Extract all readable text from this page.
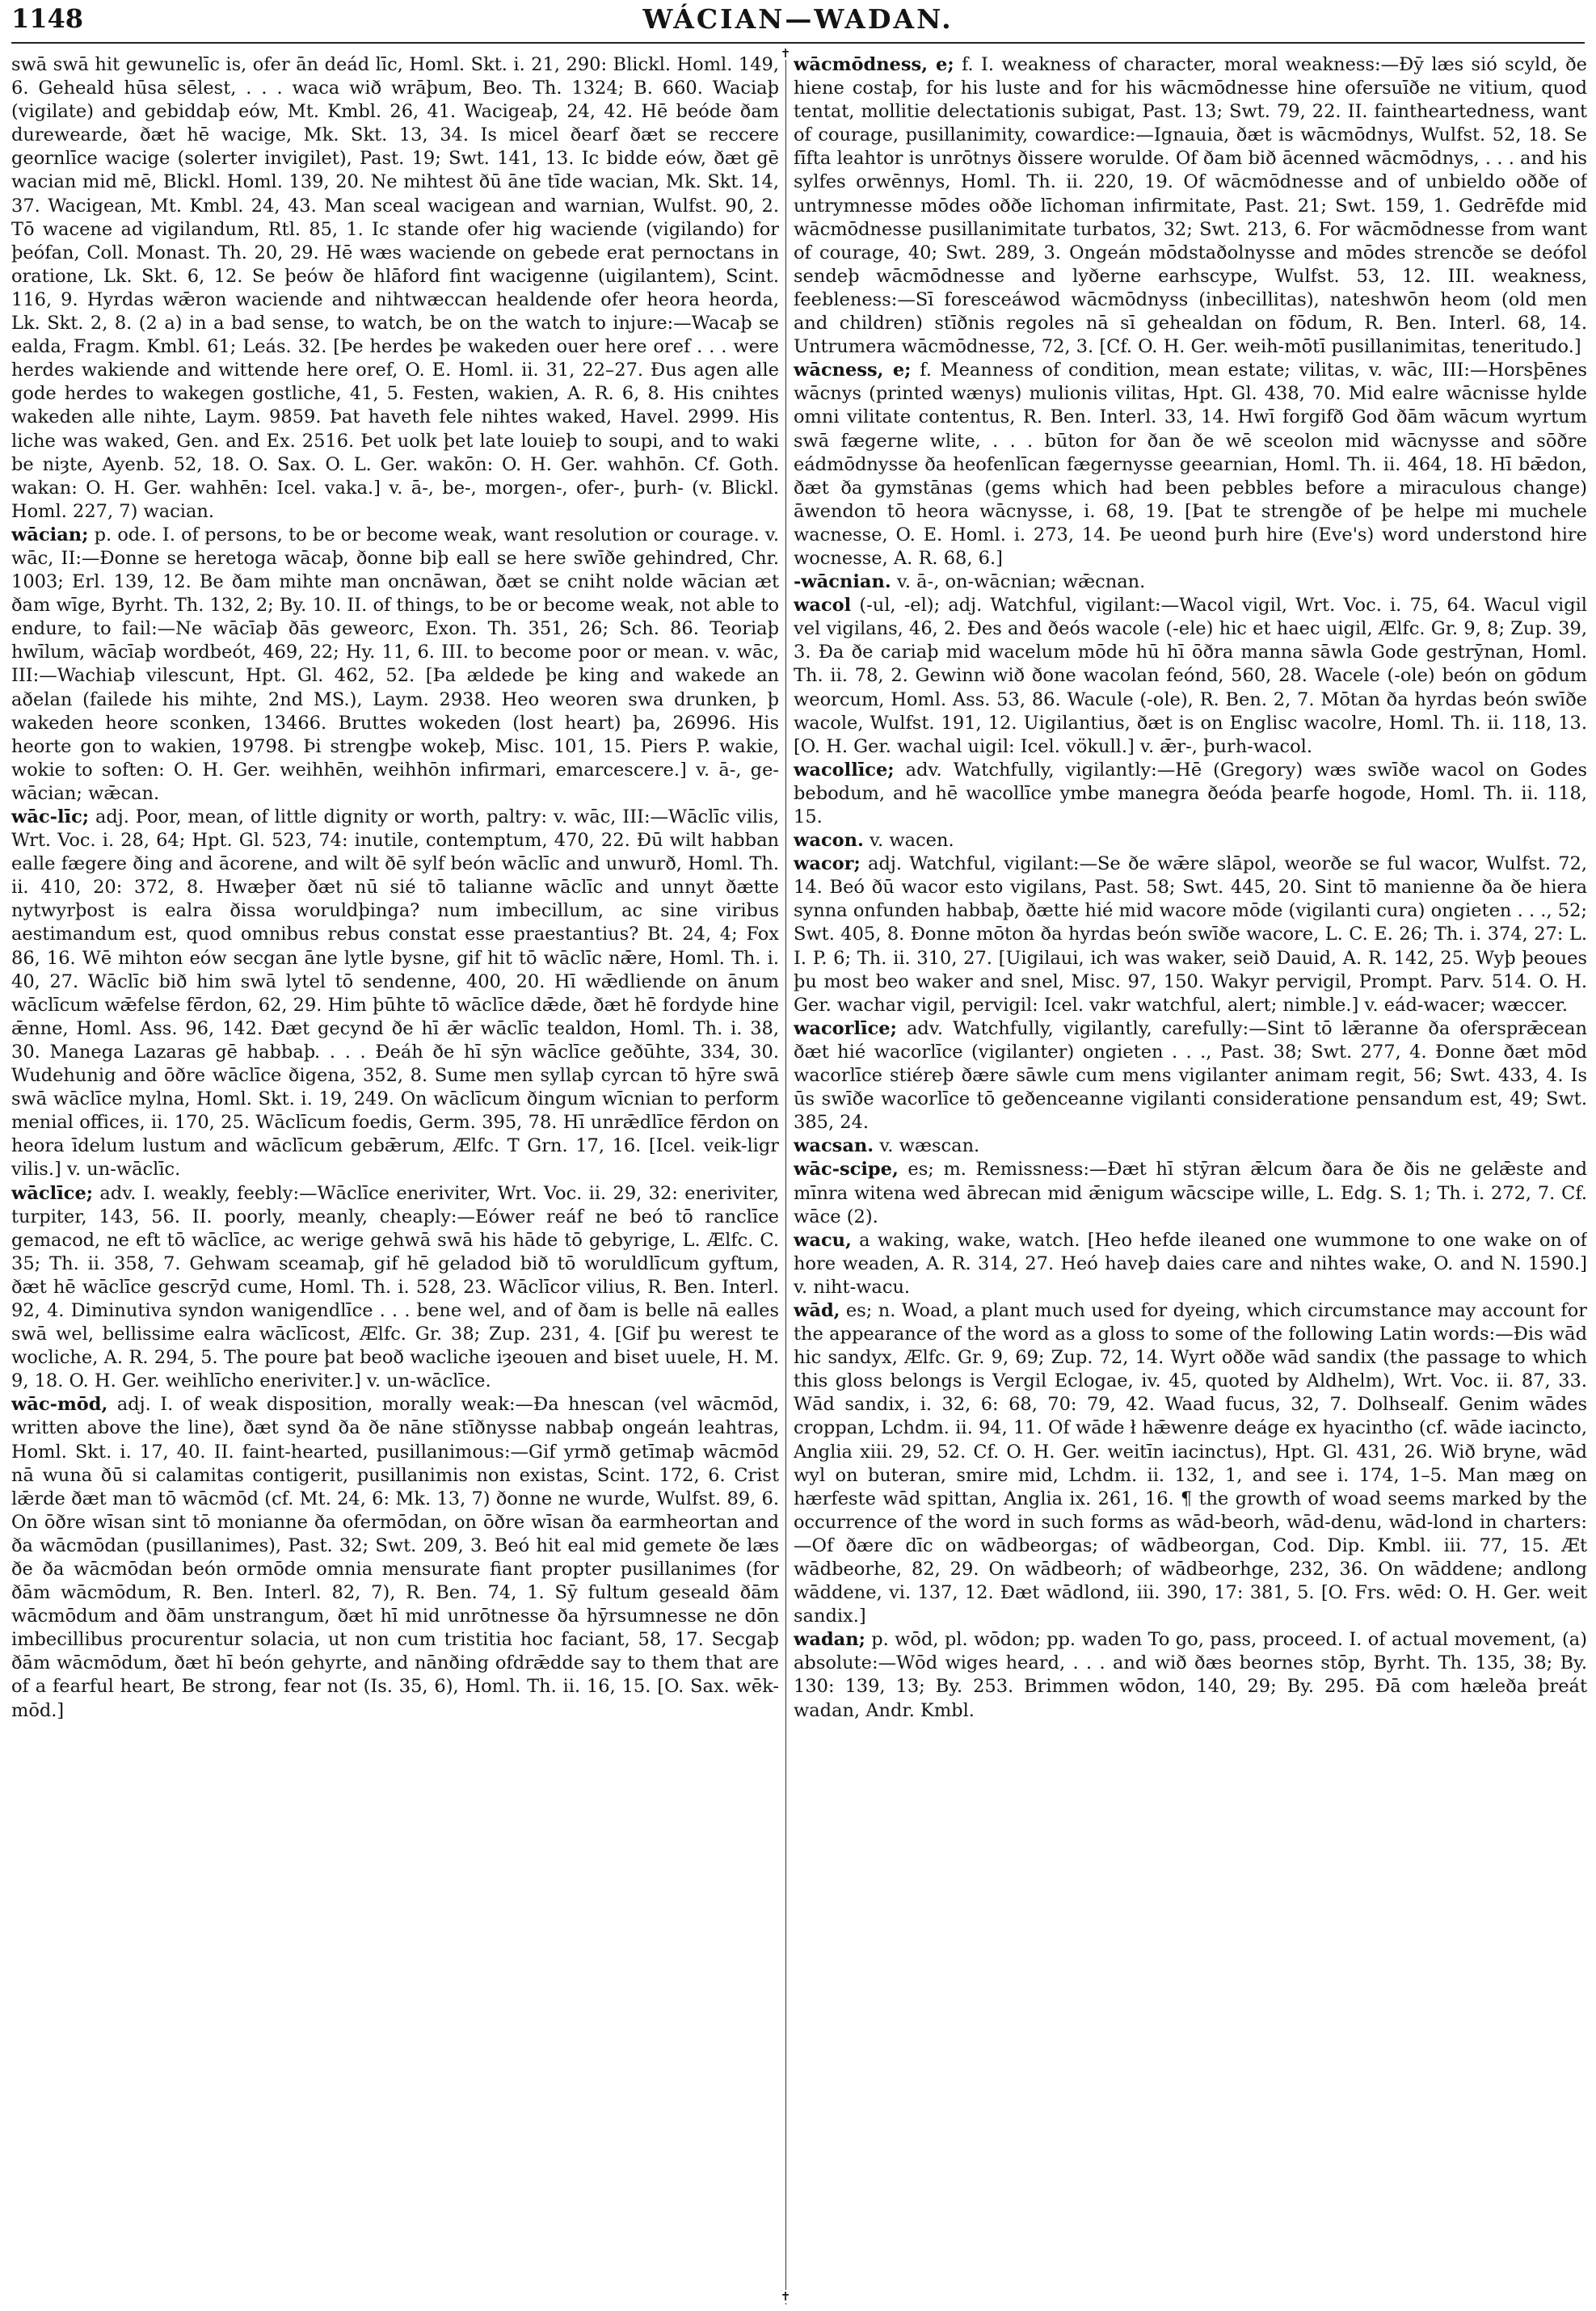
1148	WÁCIAN—WADAN.
✝
✝

swā swā hit gewunelīc is, ofer ān deád līc, Homl. Skt. i. 21, 290: Blickl. Homl. 149, 6. Geheald hūsa sēlest, . . . waca wið wrāþum, Beo. Th. 1324; B. 660. Waciaþ (vigilate) and gebiddaþ eów, Mt. Kmbl. 26, 41. Wacigeaþ, 24, 42. Hē beóde ðam durewearde, ðæt hē wacige, Mk. Skt. 13, 34. Is micel ðearf ðæt se reccere geornlīce wacige (solerter invigilet), Past. 19; Swt. 141, 13. Ic bidde eów, ðæt gē wacian mid mē, Blickl. Homl. 139, 20. Ne mihtest ðū āne tīde wacian, Mk. Skt. 14, 37. Wacigean, Mt. Kmbl. 24, 43. Man sceal wacigean and warnian, Wulfst. 90, 2. Tō wacene ad vigilandum, Rtl. 85, 1. Ic stande ofer hig waciende (vigilando) for þeófan, Coll. Monast. Th. 20, 29. Hē wæs waciende on gebede erat pernoctans in oratione, Lk. Skt. 6, 12. Se þeów ðe hlāford fint wacigenne (uigilantem), Scint. 116, 9. Hyrdas wǣron waciende and nihtwæccan healdende ofer heora heorda, Lk. Skt. 2, 8. (2 a) in a bad sense, to watch, be on the watch to injure:—Wacaþ se ealda, Fragm. Kmbl. 61; Leás. 32. [Þe herdes þe wakeden ouer here oref . . . were herdes wakiende and wittende here oref, O. E. Homl. ii. 31, 22–27. Ðus agen alle gode herdes to wakegen gostliche, 41, 5. Festen, wakien, A. R. 6, 8. His cnihtes wakeden alle nihte, Laym. 9859. Þat haveth fele nihtes waked, Havel. 2999. His liche was waked, Gen. and Ex. 2516. Þet uolk þet late louieþ to soupi, and to waki be niȝte, Ayenb. 52, 18. O. Sax. O. L. Ger. wakōn: O. H. Ger. wahhōn. Cf. Goth. wakan: O. H. Ger. wahhēn: Icel. vaka.] v. ā-, be-, morgen-, ofer-, þurh- (v. Blickl. Homl. 227, 7) wacian.

wācian; p. ode. I. of persons, to be or become weak, want resolution or courage. v. wāc, II:—Ðonne se heretoga wācaþ, ðonne biþ eall se here swīðe gehindred, Chr. 1003; Erl. 139, 12. Be ðam mihte man oncnāwan, ðæt se cniht nolde wācian æt ðam wīge, Byrht. Th. 132, 2; By. 10. II. of things, to be or become weak, not able to endure, to fail:—Ne wācīaþ ðās geweorc, Exon. Th. 351, 26; Sch. 86. Teoriaþ hwīlum, wācīaþ wordbeót, 469, 22; Hy. 11, 6. III. to become poor or mean. v. wāc, III:—Wachiaþ vilescunt, Hpt. Gl. 462, 52. [Þa ældede þe king and wakede an aðelan (failede his mihte, 2nd MS.), Laym. 2938. Heo weoren swa drunken, þ wakeden heore sconken, 13466. Bruttes wokeden (lost heart) þa, 26996. His heorte gon to wakien, 19798. Þi strengþe wokeþ, Misc. 101, 15. Piers P. wakie, wokie to soften: O. H. Ger. weihhēn, weihhōn infirmari, emarcescere.] v. ā-, ge-wācian; wǣcan.

wāc-līc; adj. Poor, mean, of little dignity or worth, paltry: v. wāc, III:—Wāclīc vilis, Wrt. Voc. i. 28, 64; Hpt. Gl. 523, 74: inutile, contemptum, 470, 22. Ðū wilt habban ealle fægere ðing and ācorene, and wilt ðē sylf beón wāclīc and unwurð, Homl. Th. ii. 410, 20: 372, 8. Hwæþer ðæt nū sié tō talianne wāclīc and unnyt ðætte nytwyrþost is ealra ðissa woruldþinga? num imbecillum, ac sine viribus aestimandum est, quod omnibus rebus constat esse praestantius? Bt. 24, 4; Fox 86, 16. Wē mihton eów secgan āne lytle bysne, gif hit tō wāclīc nǣre, Homl. Th. i. 40, 27. Wāclīc bið him swā lytel tō sendenne, 400, 20. Hī wǣdliende on ānum wāclīcum wǣfelse fērdon, 62, 29. Him þūhte tō wāclīce dǣde, ðæt hē fordyde hine ǣnne, Homl. Ass. 96, 142. Ðæt gecynd ðe hī ǣr wāclīc tealdon, Homl. Th. i. 38, 30. Manega Lazaras gē habbaþ. . . . Ðeáh ðe hī sȳn wāclīce geðūhte, 334, 30. Wudehunig and ōðre wāclīce ðigena, 352, 8. Sume men syllaþ cyrcan tō hȳre swā swā wāclīce mylna, Homl. Skt. i. 19, 249. On wāclīcum ðingum wīcnian to perform menial offices, ii. 170, 25. Wāclīcum foedis, Germ. 395, 78. Hī unrǣdlīce fērdon on heora īdelum lustum and wāclīcum gebǣrum, Ælfc. T Grn. 17, 16. [Icel. veik-ligr vilis.] v. un-wāclīc.

wāclīce; adv. I. weakly, feebly:—Wāclīce eneriviter, Wrt. Voc. ii. 29, 32: eneriviter, turpiter, 143, 56. II. poorly, meanly, cheaply:—Eówer reáf ne beó tō ranclīce gemacod, ne eft tō wāclīce, ac werige gehwā swā his hāde tō gebyrige, L. Ælfc. C. 35; Th. ii. 358, 7. Gehwam sceamaþ, gif hē geladod bið tō woruldlīcum gyftum, ðæt hē wāclīce gescrȳd cume, Homl. Th. i. 528, 23. Wāclīcor vilius, R. Ben. Interl. 92, 4. Diminutiva syndon wanigendlīce . . . bene wel, and of ðam is belle nā ealles swā wel, bellissime ealra wāclīcost, Ælfc. Gr. 38; Zup. 231, 4. [Gif þu werest te wocliche, A. R. 294, 5. The poure þat beoð wacliche iȝeouen and biset uuele, H. M. 9, 18. O. H. Ger. weihlīcho eneriviter.] v. un-wāclīce.

wāc-mōd, adj. I. of weak disposition, morally weak:—Ða hnescan (vel wācmōd, written above the line), ðæt synd ða ðe nāne stīðnysse nabbaþ ongeán leahtras, Homl. Skt. i. 17, 40. II. faint-hearted, pusillanimous:—Gif yrmð getīmaþ wācmōd nā wuna ðū si calamitas contigerit, pusillanimis non existas, Scint. 172, 6. Crist lǣrde ðæt man tō wācmōd (cf. Mt. 24, 6: Mk. 13, 7) ðonne ne wurde, Wulfst. 89, 6. On ōðre wīsan sint tō monianne ða ofermōdan, on ōðre wīsan ða earmheortan and ða wācmōdan (pusillanimes), Past. 32; Swt. 209, 3. Beó hit eal mid gemete ðe læs ðe ða wācmōdan beón ormōde omnia mensurate fiant propter pusillanimes (for ðām wācmōdum, R. Ben. Interl. 82, 7), R. Ben. 74, 1. Sȳ fultum geseald ðām wācmōdum and ðām unstrangum, ðæt hī mid unrōtnesse ða hȳrsumnesse ne dōn imbecillibus procurentur solacia, ut non cum tristitia hoc faciant, 58, 17. Secgaþ ðām wācmōdum, ðæt hī beón gehyrte, and nānðing ofdrǣdde say to them that are of a fearful heart, Be strong, fear not (Is. 35, 6), Homl. Th. ii. 16, 15. [O. Sax. wēk-mōd.]

wācmōdness, e; f. I. weakness of character, moral weakness:—Ðȳ læs sió scyld, ðe hiene costaþ, for his luste and for his wācmōdnesse hine ofersuīðe ne vitium, quod tentat, mollitie delectationis subigat, Past. 13; Swt. 79, 22. II. faintheartedness, want of courage, pusillanimity, cowardice:—Ignauia, ðæt is wācmōdnys, Wulfst. 52, 18. Se fīfta leahtor is unrōtnys ðissere worulde. Of ðam bið ācenned wācmōdnys, . . . and his sylfes orwēnnys, Homl. Th. ii. 220, 19. Of wācmōdnesse and of unbieldo oððe of untrymnesse mōdes oððe līchoman infirmitate, Past. 21; Swt. 159, 1. Gedrēfde mid wācmōdnesse pusillanimitate turbatos, 32; Swt. 213, 6. For wācmōdnesse from want of courage, 40; Swt. 289, 3. Ongeán mōdstaðolnysse and mōdes strencðe se deófol sendeþ wācmōdnesse and lyðerne earhscype, Wulfst. 53, 12. III. weakness, feebleness:—Sī foresceáwod wācmōdnyss (inbecillitas), nateshwōn heom (old men and children) stīðnis regoles nā sī gehealdan on fōdum, R. Ben. Interl. 68, 14. Untrumera wācmōdnesse, 72, 3. [Cf. O. H. Ger. weih-mōtī pusillanimitas, teneritudo.]

wācness, e; f. Meanness of condition, mean estate; vilitas, v. wāc, III:—Horsþēnes wācnys (printed wænys) mulionis vilitas, Hpt. Gl. 438, 70. Mid ealre wācnisse hylde omni vilitate contentus, R. Ben. Interl. 33, 14. Hwī forgifð God ðām wācum wyrtum swā fægerne wlite, . . . būton for ðan ðe wē sceolon mid wācnysse and sōðre eádmōdnysse ða heofenlīcan fægernysse geearnian, Homl. Th. ii. 464, 18. Hī bǣdon, ðæt ða gymstānas (gems which had been pebbles before a miraculous change) āwendon tō heora wācnysse, i. 68, 19. [Þat te strengðe of þe helpe mi muchele wacnesse, O. E. Homl. i. 273, 14. Þe ueond þurh hire (Eve's) word understond hire wocnesse, A. R. 68, 6.]

-wācnian. v. ā-, on-wācnian; wǣcnan.

wacol (-ul, -el); adj. Watchful, vigilant:—Wacol vigil, Wrt. Voc. i. 75, 64. Wacul vigil vel vigilans, 46, 2. Ðes and ðeós wacole (-ele) hic et haec uigil, Ælfc. Gr. 9, 8; Zup. 39, 3. Ða ðe cariaþ mid wacelum mōde hū hī ōðra manna sāwla Gode gestrȳnan, Homl. Th. ii. 78, 2. Gewinn wið ðone wacolan feónd, 560, 28. Wacele (-ole) beón on gōdum weorcum, Homl. Ass. 53, 86. Wacule (-ole), R. Ben. 2, 7. Mōtan ða hyrdas beón swīðe wacole, Wulfst. 191, 12. Uigilantius, ðæt is on Englisc wacolre, Homl. Th. ii. 118, 13. [O. H. Ger. wachal uigil: Icel. vökull.] v. ǣr-, þurh-wacol.

wacollīce; adv. Watchfully, vigilantly:—Hē (Gregory) wæs swīðe wacol on Godes bebodum, and hē wacollīce ymbe manegra ðeóda þearfe hogode, Homl. Th. ii. 118, 15.

wacon. v. wacen.

wacor; adj. Watchful, vigilant:—Se ðe wǣre slāpol, weorðe se ful wacor, Wulfst. 72, 14. Beó ðū wacor esto vigilans, Past. 58; Swt. 445, 20. Sint tō manienne ða ðe hiera synna onfunden habbaþ, ðætte hié mid wacore mōde (vigilanti cura) ongieten . . ., 52; Swt. 405, 8. Ðonne mōton ða hyrdas beón swīðe wacore, L. C. E. 26; Th. i. 374, 27: L. I. P. 6; Th. ii. 310, 27. [Uigilaui, ich was waker, seið Dauid, A. R. 142, 25. Wyþ þeoues þu most beo waker and snel, Misc. 97, 150. Wakyr pervigil, Prompt. Parv. 514. O. H. Ger. wachar vigil, pervigil: Icel. vakr watchful, alert; nimble.] v. eád-wacer; wæccer.

wacorlīce; adv. Watchfully, vigilantly, carefully:—Sint tō lǣranne ða ofersprǣcean ðæt hié wacorlīce (vigilanter) ongieten . . ., Past. 38; Swt. 277, 4. Ðonne ðæt mōd wacorlīce stiéreþ ðære sāwle cum mens vigilanter animam regit, 56; Swt. 433, 4. Is ūs swīðe wacorlīce tō geðenceanne vigilanti consideratione pensandum est, 49; Swt. 385, 24.

wacsan. v. wæscan.

wāc-scipe, es; m. Remissness:—Ðæt hī stȳran ǣlcum ðara ðe ðis ne gelǣste and mīnra witena wed ābrecan mid ǣnigum wācscipe wille, L. Edg. S. 1; Th. i. 272, 7. Cf. wāce (2).

wacu, a waking, wake, watch. [Heo hefde ileaned one wummone to one wake on of hore weaden, A. R. 314, 27. Heó haveþ daies care and nihtes wake, O. and N. 1590.] v. niht-wacu.

wād, es; n. Woad, a plant much used for dyeing, which circumstance may account for the appearance of the word as a gloss to some of the following Latin words:—Ðis wād hic sandyx, Ælfc. Gr. 9, 69; Zup. 72, 14. Wyrt oððe wād sandix (the passage to which this gloss belongs is Vergil Eclogae, iv. 45, quoted by Aldhelm), Wrt. Voc. ii. 87, 33. Wād sandix, i. 32, 6: 68, 70: 79, 42. Waad fucus, 32, 7. Dolhsealf. Genim wādes croppan, Lchdm. ii. 94, 11. Of wāde ł hǣwenre deáge ex hyacintho (cf. wāde iacincto, Anglia xiii. 29, 52. Cf. O. H. Ger. weitīn iacinctus), Hpt. Gl. 431, 26. Wið bryne, wād wyl on buteran, smire mid, Lchdm. ii. 132, 1, and see i. 174, 1–5. Man mæg on hærfeste wād spittan, Anglia ix. 261, 16. ¶ the growth of woad seems marked by the occurrence of the word in such forms as wād-beorh, wād-denu, wād-lond in charters:—Of ðære dīc on wādbeorgas; of wādbeorgan, Cod. Dip. Kmbl. iii. 77, 15. Æt wādbeorhe, 82, 29. On wādbeorh; of wādbeorhge, 232, 36. On wāddene; andlong wāddene, vi. 137, 12. Ðæt wādlond, iii. 390, 17: 381, 5. [O. Frs. wēd: O. H. Ger. weit sandix.]

wadan; p. wōd, pl. wōdon; pp. waden To go, pass, proceed. I. of actual movement, (a) absolute:—Wōd wiges heard, . . . and wið ðæs beornes stōp, Byrht. Th. 135, 38; By. 130: 139, 13; By. 253. Brimmen wōdon, 140, 29; By. 295. Ðā com hæleða þreát wadan, Andr. Kmbl.
